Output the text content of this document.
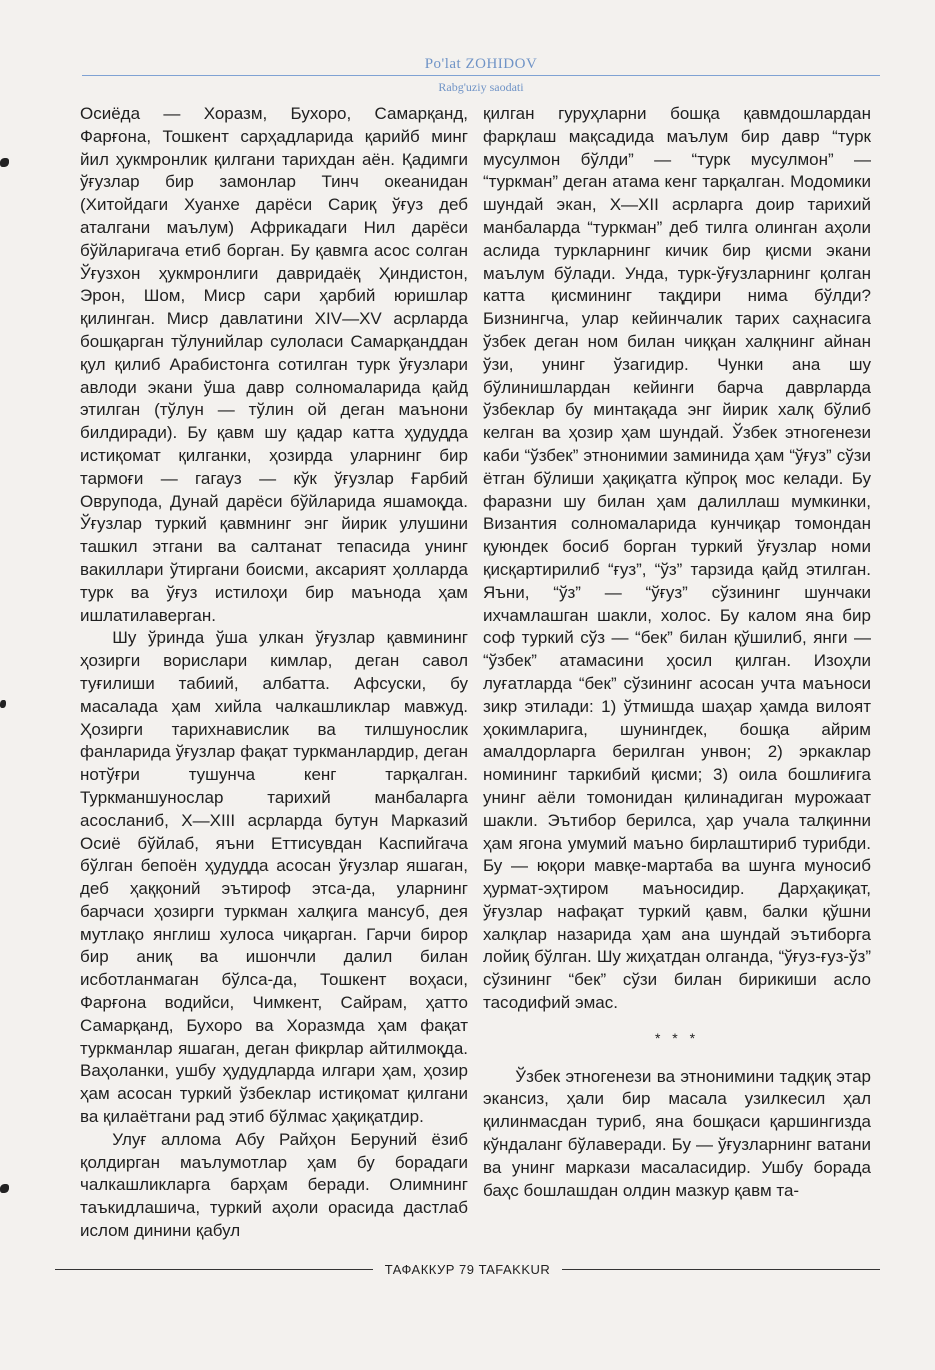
Po'lat ZOHIDOV
Rabg'uziy saodati

Осиёда — Хоразм, Бухоро, Самарқанд, Фарғона, Тошкент сарҳадларида қарийб минг йил ҳукмронлик қилгани тарихдан аён. Қадимги ўғузлар бир замонлар Тинч океанидан (Хитойдаги Хуанхе дарёси Сариқ ўғуз деб аталгани маълум) Африкадаги Нил дарёси бўйларигача етиб борган. Бу қавмга асос солган Ўғузхон ҳукмронлиги давридаёқ Ҳиндистон, Эрон, Шом, Миср сари ҳарбий юришлар қилинган. Миср давлатини XIV—XV асрларда бошқарган тўлунийлар сулоласи Самарқанддан қул қилиб Арабистонга сотилган турк ўғузлари авлоди экани ўша давр солномаларида қайд этилган (тўлун — тўлин ой деган маънони билдиради). Бу қавм шу қадар катта ҳудудда истиқомат қилганки, ҳозирда уларнинг бир тармоғи — гагауз — кўк ўғузлар Ғарбий Оврупода, Дунай дарёси бўйларида яшамоқда. Ўғузлар туркий қавмнинг энг йирик улушини ташкил этгани ва салтанат тепасида унинг вакиллари ўтиргани боисми, аксарият ҳолларда турк ва ўғуз истилоҳи бир маънода ҳам ишлатилаверган.

Шу ўринда ўша улкан ўғузлар қавмининг ҳозирги ворислари кимлар, деган савол туғилиши табиий, албатта. Афсуски, бу масалада ҳам хийла чалкашликлар мавжуд. Ҳозирги тарихнавислик ва тилшунослик фанларида ўғузлар фақат туркманлардир, деган нотўғри тушунча кенг тарқалган. Туркманшунослар тарихий манбаларга асосланиб, X—XIII асрларда бутун Марказий Осиё бўйлаб, яъни Еттисувдан Каспийгача бўлган бепоён ҳудудда асосан ўғузлар яшаган, деб ҳаққоний эътироф этса-да, уларнинг барчаси ҳозирги туркман халқига мансуб, дея мутлақо янглиш хулоса чиқарган. Гарчи бирор бир аниқ ва ишончли далил билан исботланмаган бўлса-да, Тошкент воҳаси, Фарғона водийси, Чимкент, Сайрам, ҳатто Самарқанд, Бухоро ва Хоразмда ҳам фақат туркманлар яшаган, деган фикрлар айтилмоқда. Ваҳоланки, ушбу ҳудудларда илгари ҳам, ҳозир ҳам асосан туркий ўзбеклар истиқомат қилгани ва қилаётгани рад этиб бўлмас ҳақиқатдир.

Улуғ аллома Абу Райҳон Беруний ёзиб қолдирган маълумотлар ҳам бу борадаги чалкашликларга барҳам беради. Олимнинг таъкидлашича, туркий аҳоли орасида дастлаб ислом динини қабул

қилган гуруҳларни бошқа қавмдошлардан фарқлаш мақсадида маълум бир давр “турк мусулмон бўлди” — “турк мусулмон” — “туркман” деган атама кенг тарқалган. Модомики шундай экан, X—XII асрларга доир тарихий манбаларда “туркман” деб тилга олинган аҳоли аслида туркларнинг кичик бир қисми экани маълум бўлади. Унда, турк-ўғузларнинг қолган катта қисмининг тақдири нима бўлди? Бизнингча, улар кейинчалик тарих саҳнасига ўзбек деган ном билан чиққан халқнинг айнан ўзи, унинг ўзагидир. Чунки ана шу бўлинишлардан кейинги барча даврларда ўзбеклар бу минтақада энг йирик халқ бўлиб келган ва ҳозир ҳам шундай. Ўзбек этногенези каби “ўзбек” этнонимии заминида ҳам “ўғуз” сўзи ётган бўлиши ҳақиқатга кўпроқ мос келади. Бу фаразни шу билан ҳам далиллаш мумкинки, Византия солномаларида кунчиқар томондан қуюндек босиб борган туркий ўғузлар номи қисқартирилиб “ғуз”, “ўз” тарзида қайд этилган. Яъни, “ўз” — “ўғуз” сўзининг шунчаки ихчамлашган шакли, холос. Бу калом яна бир соф туркий сўз — “бек” билан қўшилиб, янги — “ўзбек” атамасини ҳосил қилган. Изоҳли луғатларда “бек” сўзининг асосан учта маъноси зикр этилади: 1) ўтмишда шаҳар ҳамда вилоят ҳокимларига, шунингдек, бошқа айрим амалдорларга берилган унвон; 2) эркаклар номининг таркибий қисми; 3) оила бошлиғига унинг аёли томонидан қилинадиган мурожаат шакли. Эътибор берилса, ҳар учала талқинни ҳам ягона умумий маъно бирлаштириб турибди. Бу — юқори мавқе-мартаба ва шунга муносиб ҳурмат-эҳтиром маъносидир. Дарҳақиқат, ўғузлар нафақат туркий қавм, балки қўшни халқлар назарида ҳам ана шундай эътиборга лойиқ бўлган. Шу жиҳатдан олганда, “ўғуз-ғуз-ўз” сўзининг “бек” сўзи билан бирикиши асло тасодифий эмас.

* * *

Ўзбек этногенези ва этнонимини тадқиқ этар экансиз, ҳали бир масала узилкесил ҳал қилинмасдан туриб, яна бошқаси қаршингизда кўндаланг бўлаверади. Бу — ўғузларнинг ватани ва унинг маркази масаласидир. Ушбу борада баҳс бошлашдан олдин мазкур қавм та-

ТАФАККУР 79 TAFAKKUR
